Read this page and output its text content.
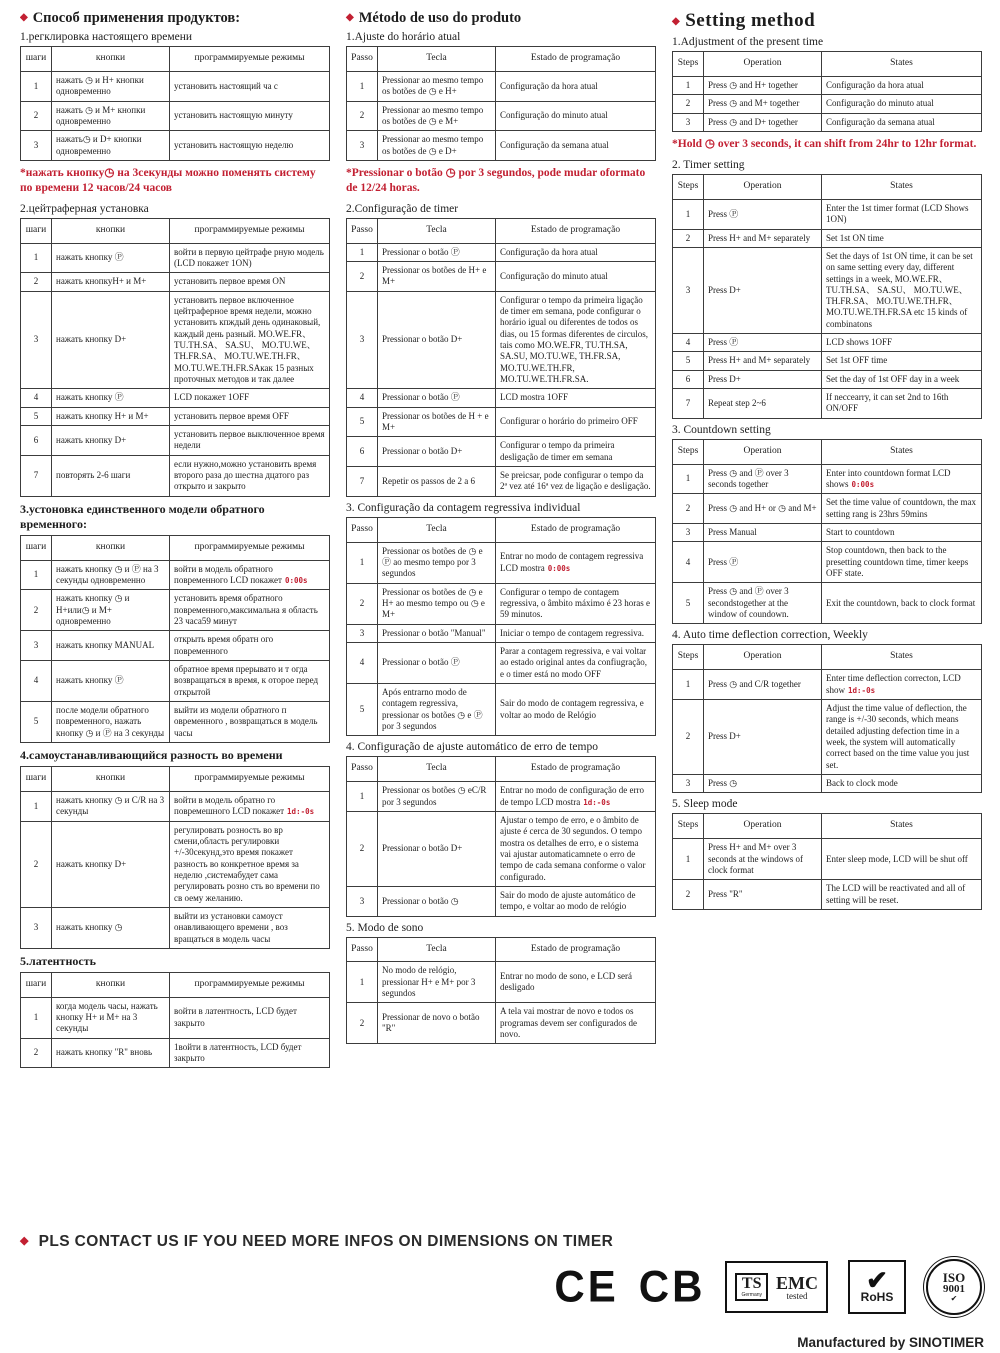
◆ Способ применения продуктов:
1.регклировка настоящего времени
шаги	кнопки	программируемые режимы
1	нажать ◷ и H+ кнопки одновременно	установить настоящий ча с
2	нажать ◷ и M+ кнопки одновременно	установить настоящую минуту
3	нажать◷ и D+ кнопки одновременно	установить настоящую неделю
*нажать кнопку◷ на 3секунды можно поменять систему по времени 12 часов/24 часов
2.цейтраферная установка
шаги	кнопки	программируемые режимы
1	нажать кнопку Ⓟ	войти в первую цейтрафе рную модель (LCD покажет 1ON)
2	нажать кнопкуH+ и M+	установить первое время ON
3	нажать кнопку D+	установить первое включенное цейтраферное время недели, можно установить кпждый день одинаковый, каждый день разный. MO.WE.FR、 TU.TH.SA、 SA.SU、 MO.TU.WE、 TH.FR.SA、 MO.TU.WE.TH.FR、 MO.TU.WE.TH.FR.SAкак 15 разных проточных методов и так далее
4	нажать кнопку Ⓟ	LCD покажет 1OFF
5	нажать кнопку H+ и M+	установить первое время OFF
6	нажать кнопку D+	установить первое выключенное время недели
7	повторять 2-6 шаги	если нужно,можно установить время второго раза до шестна дцатого раз открыто и закрыто
3.устоновка единственного модели обратного временного:
шаги	кнопки	программируемые режимы
1	нажать кнопку ◷ и Ⓟ на 3 секунды одновременно	войти в модель обратного повременного LCD покажет 0:00s
2	нажать кнопку ◷ и H+или◷ и M+ одновременно	установить время обратного повременного,максимальна я область 23 часа59 минут
3	нажать кнопку MANUAL	открыть время обратн ого повременного
4	нажать кнопку Ⓟ	обратное время прерывато и т огда возвращаться в время, к оторое перед открытой
5	после модели обратного повременного, нажать кнопку ◷ и Ⓟ на 3 секунды	выйти из модели обратного п овременного , возвращаться в модель часы
4.самоустанавливающийся разность во времени
шаги	кнопки	программируемые режимы
1	нажать кнопку ◷ и C/R на 3 секунды	войти в модель обратно го повремешного LCD покажет 1d:-0s
2	нажать кнопку D+	регулировать розность во вр смени,область регулировки +/-30секунд,это время покажет разность во конкретное время за неделю ,системабудет сама регулировать розно сть во времени по св оему желанию.
3	нажать кнопку ◷	выйти из установки самоуст онавливающего времени , воз вращаться в модель часы
5.латентность
шаги	кнопки	программируемые режимы
1	когда модель часы, нажать кнопку H+ и M+ на 3 секунды	войти в латентность, LCD будет закрыто
2	нажать кнопку "R" вновь	1войти в латентность, LCD будет закрыто
◆ Método de uso do produto
1.Ajuste do horário atual
Passo	Tecla	Estado de programação
1	Pressionar ao mesmo tempo os botões de ◷ e H+	Configuração da hora atual
2	Pressionar ao mesmo tempo os botões de ◷ e M+	Configuração do minuto atual
3	Pressionar ao mesmo tempo os botões de ◷ e D+	Configuração da semana atual
*Pressionar o botão ◷ por 3 segundos, pode mudar oformato de 12/24 horas.
2.Configuração de timer
Passo	Tecla	Estado de programação
1	Pressionar o botão Ⓟ	Configuração da hora atual
2	Pressionar os botões de H+ e M+	Configuração do minuto atual
3	Pressionar o botão D+	Configurar o tempo da primeira ligação de timer em semana, pode configurar o horário igual ou diferentes de todos os dias, ou 15 formas diferentes de circulos, tais como MO.WE.FR, TU.TH.SA, SA.SU, MO.TU.WE, TH.FR.SA, MO.TU.WE.TH.FR, MO.TU.WE.TH.FR.SA.
4	Pressionar o botão Ⓟ	LCD mostra 1OFF
5	Pressionar os botões de H + e M+	Configurar o horário do primeiro OFF
6	Pressionar o botão D+	Configurar o tempo da primeira desligação de timer em semana
7	Repetir os passos de 2 a 6	Se preicsar, pode configurar o tempo da 2ª vez até 16ª vez de ligação e desligação.
3. Configuração da contagem regressiva individual
Passo	Tecla	Estado de programação
1	Pressionar os botões de ◷ e Ⓟ ao mesmo tempo por 3 segundos	Entrar no modo de contagem regressiva LCD mostra 0:00s
2	Pressionar os botões de ◷ e H+ ao mesmo tempo ou ◷ e M+	Configurar o tempo de contagem regressiva, o âmbito máximo é 23 horas e 59 minutos.
3	Pressionar o botão "Manual"	Iniciar o tempo de contagem regressiva.
4	Pressionar o botão Ⓟ	Parar a contagem regressiva, e vai voltar ao estado original antes da confiugração, e o timer está no modo OFF
5	Após entrarno modo de contagem regressiva, pressionar os botões ◷ e Ⓟ por 3 segundos	Sair do modo de contagem regressiva, e voltar ao modo de Relógio
4. Configuração de ajuste automático de erro de tempo
Passo	Tecla	Estado de programação
1	Pressionar os botões ◷ eC/R por 3 segundos	Entrar no modo de configuração de erro de tempo LCD mostra 1d:-0s
2	Pressionar o botão D+	Ajustar o tempo de erro, e o âmbito de ajuste é cerca de 30 segundos. O tempo mostra os detalhes de erro, e o sistema vai ajustar automaticamnete o erro de tempo de cada semana conforme o valor configurado.
3	Pressionar o botão ◷	Sair do modo de ajuste automático de tempo, e voltar ao modo de relógio
5. Modo de sono
Passo	Tecla	Estado de programação
1	No modo de relógio, pressionar H+ e M+ por 3 segundos	Entrar no modo de sono, e LCD será desligado
2	Pressionar de novo o botão "R"	A tela vai mostrar de novo e todos os programas devem ser configurados de novo.
◆ Setting method
1.Adjustment of the present time
Steps	Operation	States
1	Press ◷ and H+ together	Configuração da hora atual
2	Press ◷ and M+ together	Configuração do minuto atual
3	Press ◷ and D+ together	Configuração da semana atual
*Hold ◷ over 3 seconds, it can shift from 24hr to 12hr format.
2. Timer setting
Steps	Operation	States
1	Press Ⓟ	Enter the 1st timer format (LCD Shows 1ON)
2	Press H+ and M+ separately	Set 1st ON time
3	Press D+	Set the days of 1st ON time, it can be set on same setting every day, different settings in a week, MO.WE.FR、 TU.TH.SA、 SA.SU、 MO.TU.WE、 TH.FR.SA、 MO.TU.WE.TH.FR、 MO.TU.WE.TH.FR.SA etc 15 kinds of combinatons
4	Press Ⓟ	LCD shows 1OFF
5	Press H+ and M+ separately	Set 1st OFF time
6	Press D+	Set the day of 1st OFF day in a week
7	Repeat step 2~6	If neccearry, it can set 2nd to 16th ON/OFF
3. Countdown setting
Steps	Operation	States
1	Press ◷ and Ⓟ over 3 seconds together	Enter into countdown format LCD shows 0:00s
2	Press ◷ and H+ or ◷ and M+	Set the time value of countdown, the max setting rang is 23hrs 59mins
3	Press Manual	Start to countdown
4	Press Ⓟ	Stop countdown, then back to the presetting countdown time, timer keeps OFF state.
5	Press ◷ and Ⓟ over 3 secondstogether at the window of coundown.	Exit the countdown, back to clock format
4. Auto time deflection correction, Weekly
Steps	Operation	States
1	Press ◷ and C/R together	Enter time deflection correcton, LCD show 1d:-0s
2	Press D+	Adjust the time value of deflection, the range is +/-30 seconds, which means detailed adjusting defection time in a week, the system will automatically correct based on the time value you just set.
3	Press ◷	Back to clock mode
5. Sleep mode
Steps	Operation	States
1	Press H+ and M+ over 3 seconds at the windows of clock format	Enter sleep mode, LCD will be shut off
2	Press "R"	The LCD will be reactivated and all of setting will be reset.
◆ PLS CONTACT US IF YOU NEED MORE INFOS ON DIMENSIONS ON TIMER
CE CB TS
Germany
EMC
tested
✔
RoHS
ISO
9001
✔
Manufactured by SINOTIMER
